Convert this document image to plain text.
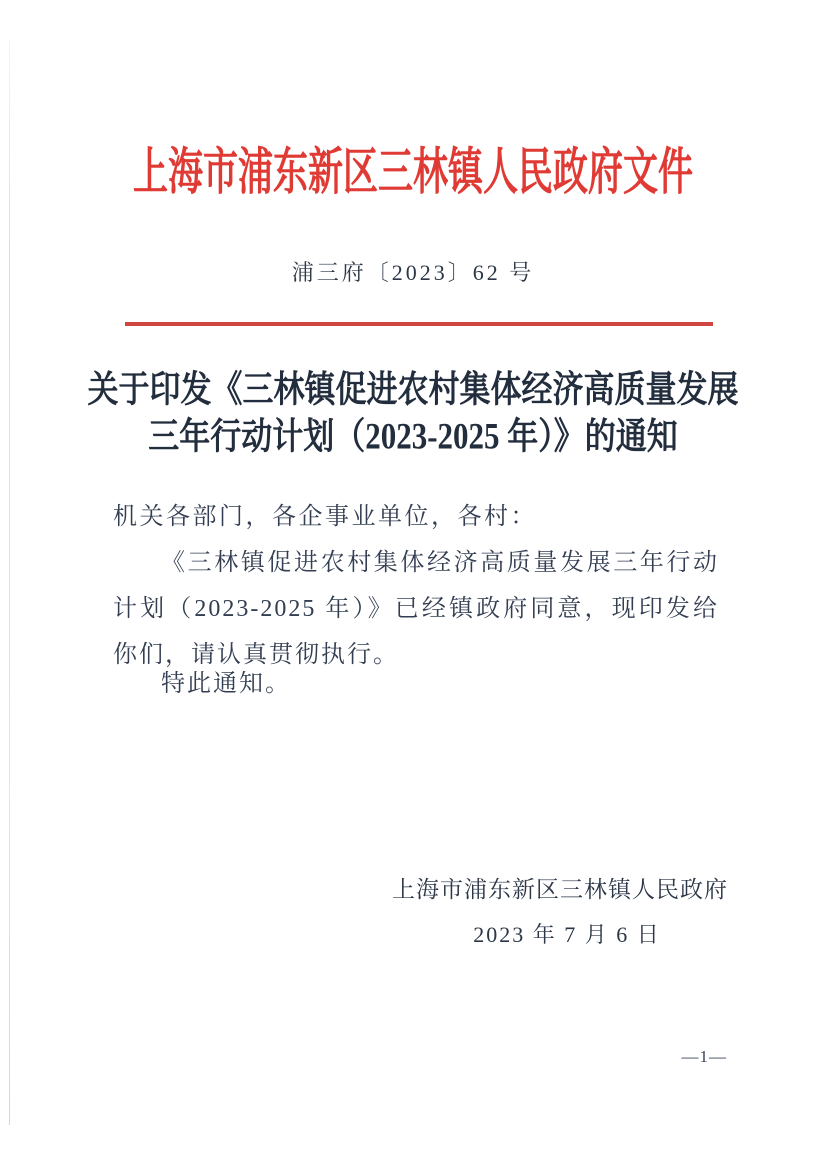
上海市浦东新区三林镇人民政府文件
浦三府〔2023〕62 号
关于印发《三林镇促进农村集体经济高质量发展
三年行动计划（2023-2025 年）》的通知
机关各部门，各企事业单位，各村：
《三林镇促进农村集体经济高质量发展三年行动计划（2023-2025 年）》已经镇政府同意，现印发给你们，请认真贯彻执行。
特此通知。
上海市浦东新区三林镇人民政府
2023 年 7 月 6 日
—1—
